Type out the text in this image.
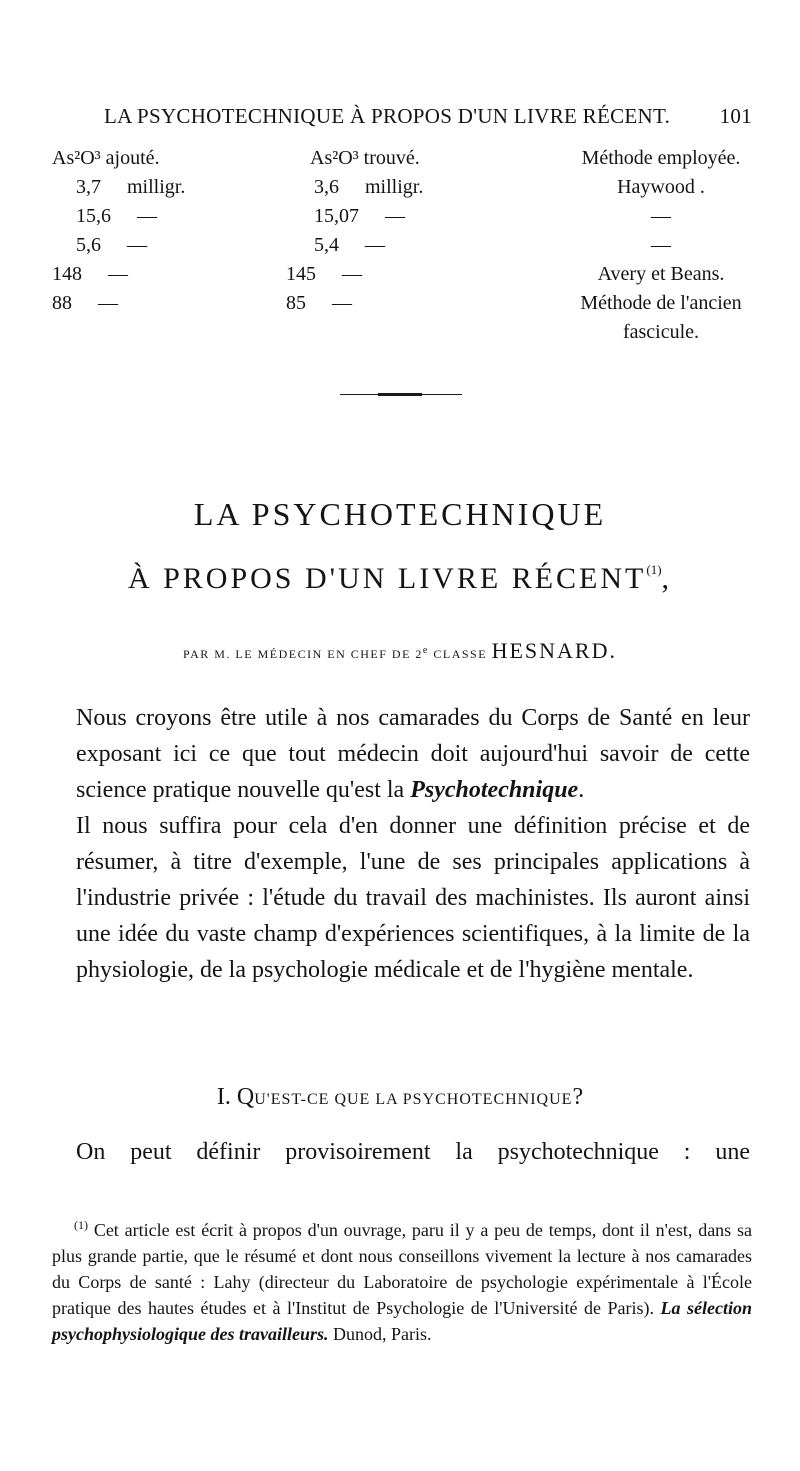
LA PSYCHOTECHNIQUE À PROPOS D'UN LIVRE RÉCENT. 101
As²O³ ajouté.	As²O³ trouvé.	Méthode employée.
3,7 milligr.	3,6 milligr.	Haywood .
15,6 —	15,07 —	—
5,6 —	5,4 —	—
148 —	145 —	Avery et Beans.
88 —	85 —	Méthode de l'ancien
		fascicule.
LA PSYCHOTECHNIQUE
À PROPOS D'UN LIVRE RÉCENT$^{(1)}$,
PAR M. LE MÉDECIN EN CHEF DE 2e CLASSE HESNARD.

Nous croyons être utile à nos camarades du Corps de Santé en leur exposant ici ce que tout médecin doit aujourd'hui savoir de cette science pratique nouvelle qu'est la Psychotechnique.

Il nous suffira pour cela d'en donner une définition précise et de résumer, à titre d'exemple, l'une de ses principales applications à l'industrie privée : l'étude du travail des machinistes. Ils auront ainsi une idée du vaste champ d'expériences scientifiques, à la limite de la physiologie, de la psychologie médicale et de l'hygiène mentale.

I. QU'EST-CE QUE LA PSYCHOTECHNIQUE?
On peut définir provisoirement la psychotechnique : une
$^{(1)}$ Cet article est écrit à propos d'un ouvrage, paru il y a peu de temps, dont il n'est, dans sa plus grande partie, que le résumé et dont nous conseillons vivement la lecture à nos camarades du Corps de santé : Lahy (directeur du Laboratoire de psychologie expérimentale à l'École pratique des hautes études et à l'Institut de Psychologie de l'Université de Paris). La sélection psychophysiologique des travailleurs. Dunod, Paris.
